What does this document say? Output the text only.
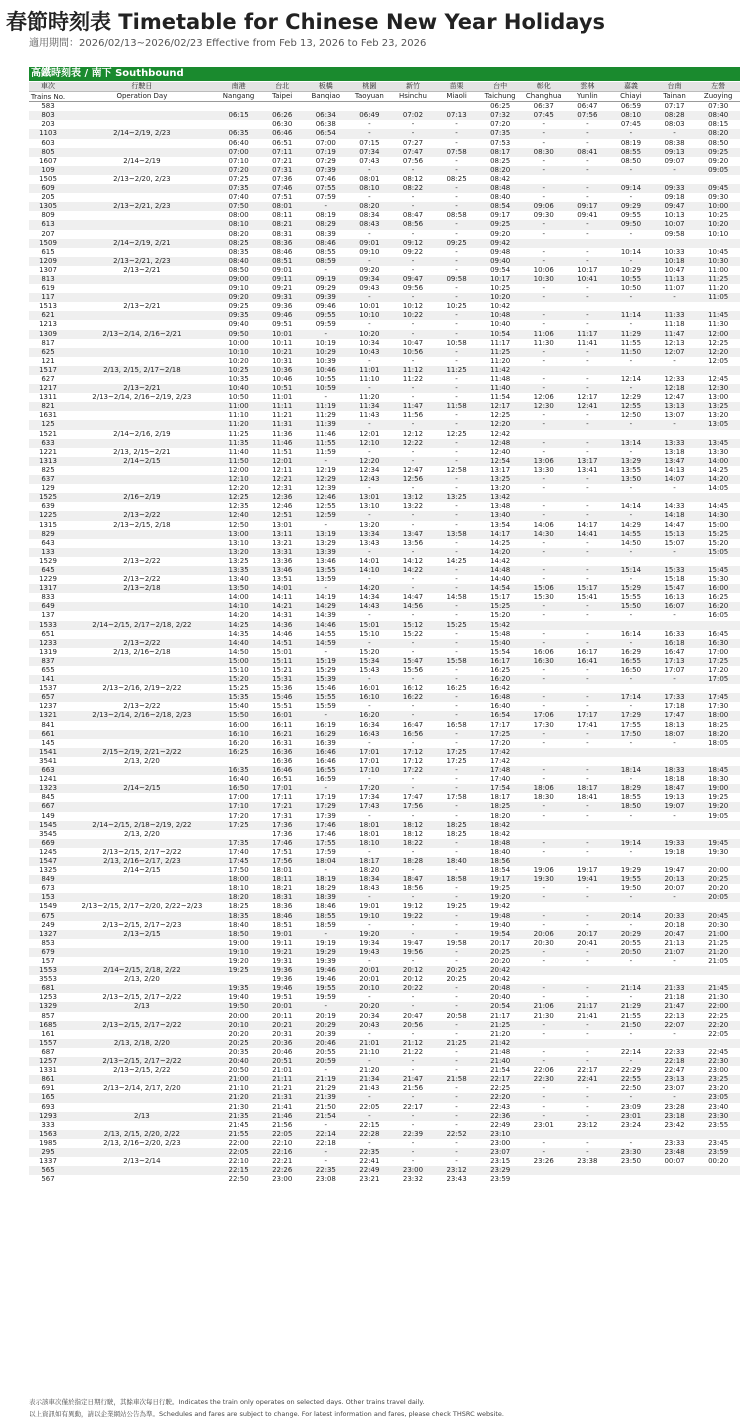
春節時刻表 Timetable for Chinese New Year Holidays
適用期間：2026/02/13~2026/02/23 Effective from Feb 13, 2026 to Feb 23, 2026
高鐵時刻表 / 南下 Southbound
車次	行駛日	南港	台北	板橋	桃園	新竹	苗栗	台中	彰化	雲林	嘉義	台南	左營
Trains No.	Operation Day	Nangang	Taipei	Banqiao	Taoyuan	Hsinchu	Miaoli	Taichung	Changhua	Yunlin	Chiayi	Tainan	Zuoying
583								06:25	06:37	06:47	06:59	07:17	07:30
803		06:15	06:26	06:34	06:49	07:02	07:13	07:32	07:45	07:56	08:10	08:28	08:40
203			06:30	06:38	-	-	-	07:20	-	-	07:45	08:03	08:15
1103	2/14~2/19, 2/23	06:35	06:46	06:54	-	-	-	07:35	-	-	-	-	08:20
603		06:40	06:51	07:00	07:15	07:27	-	07:53	-	-	08:19	08:38	08:50
805		07:00	07:11	07:19	07:34	07:47	07:58	08:17	08:30	08:41	08:55	09:13	09:25
1607	2/14~2/19	07:10	07:21	07:29	07:43	07:56	-	08:25	-	-	08:50	09:07	09:20
109		07:20	07:31	07:39	-	-	-	08:20	-	-	-	-	09:05
1505	2/13~2/20, 2/23	07:25	07:36	07:46	08:01	08:12	08:25	08:42					
609		07:35	07:46	07:55	08:10	08:22	-	08:48	-	-	09:14	09:33	09:45
205		07:40	07:51	07:59	-	-	-	08:40	-	-	-	09:18	09:30
1305	2/13~2/21, 2/23	07:50	08:01	-	08:20	-	-	08:54	09:06	09:17	09:29	09:47	10:00
809		08:00	08:11	08:19	08:34	08:47	08:58	09:17	09:30	09:41	09:55	10:13	10:25
613		08:10	08:21	08:29	08:43	08:56	-	09:25	-	-	09:50	10:07	10:20
207		08:20	08:31	08:39	-	-	-	09:20	-	-	-	09:58	10:10
1509	2/14~2/19, 2/21	08:25	08:36	08:46	09:01	09:12	09:25	09:42					
615		08:35	08:46	08:55	09:10	09:22	-	09:48	-	-	10:14	10:33	10:45
1209	2/13~2/21, 2/23	08:40	08:51	08:59	-	-	-	09:40	-	-	-	10:18	10:30
1307	2/13~2/21	08:50	09:01	-	09:20	-	-	09:54	10:06	10:17	10:29	10:47	11:00
813		09:00	09:11	09:19	09:34	09:47	09:58	10:17	10:30	10:41	10:55	11:13	11:25
619		09:10	09:21	09:29	09:43	09:56	-	10:25	-	-	10:50	11:07	11:20
117		09:20	09:31	09:39	-	-	-	10:20	-	-	-	-	11:05
1513	2/13~2/21	09:25	09:36	09:46	10:01	10:12	10:25	10:42					
621		09:35	09:46	09:55	10:10	10:22	-	10:48	-	-	11:14	11:33	11:45
1213		09:40	09:51	09:59	-	-	-	10:40	-	-	-	11:18	11:30
1309	2/13~2/14, 2/16~2/21	09:50	10:01	-	10:20	-	-	10:54	11:06	11:17	11:29	11:47	12:00
817		10:00	10:11	10:19	10:34	10:47	10:58	11:17	11:30	11:41	11:55	12:13	12:25
625		10:10	10:21	10:29	10:43	10:56	-	11:25	-	-	11:50	12:07	12:20
121		10:20	10:31	10:39	-	-	-	11:20	-	-	-	-	12:05
1517	2/13, 2/15, 2/17~2/18	10:25	10:36	10:46	11:01	11:12	11:25	11:42					
627		10:35	10:46	10:55	11:10	11:22	-	11:48	-	-	12:14	12:33	12:45
1217	2/13~2/21	10:40	10:51	10:59	-	-	-	11:40	-	-	-	12:18	12:30
1311	2/13~2/14, 2/16~2/19, 2/23	10:50	11:01	-	11:20	-	-	11:54	12:06	12:17	12:29	12:47	13:00
821		11:00	11:11	11:19	11:34	11:47	11:58	12:17	12:30	12:41	12:55	13:13	13:25
1631		11:10	11:21	11:29	11:43	11:56	-	12:25	-	-	12:50	13:07	13:20
125		11:20	11:31	11:39	-	-	-	12:20	-	-	-	-	13:05
1521	2/14~2/16, 2/19	11:25	11:36	11:46	12:01	12:12	12:25	12:42					
633		11:35	11:46	11:55	12:10	12:22	-	12:48	-	-	13:14	13:33	13:45
1221	2/13, 2/15~2/21	11:40	11:51	11:59	-	-	-	12:40	-	-	-	13:18	13:30
1313	2/14~2/15	11:50	12:01	-	12:20	-	-	12:54	13:06	13:17	13:29	13:47	14:00
825		12:00	12:11	12:19	12:34	12:47	12:58	13:17	13:30	13:41	13:55	14:13	14:25
637		12:10	12:21	12:29	12:43	12:56	-	13:25	-	-	13:50	14:07	14:20
129		12:20	12:31	12:39	-	-	-	13:20	-	-	-	-	14:05
1525	2/16~2/19	12:25	12:36	12:46	13:01	13:12	13:25	13:42					
639		12:35	12:46	12:55	13:10	13:22	-	13:48	-	-	14:14	14:33	14:45
1225	2/13~2/22	12:40	12:51	12:59	-	-	-	13:40	-	-	-	14:18	14:30
1315	2/13~2/15, 2/18	12:50	13:01	-	13:20	-	-	13:54	14:06	14:17	14:29	14:47	15:00
829		13:00	13:11	13:19	13:34	13:47	13:58	14:17	14:30	14:41	14:55	15:13	15:25
643		13:10	13:21	13:29	13:43	13:56	-	14:25	-	-	14:50	15:07	15:20
133		13:20	13:31	13:39	-	-	-	14:20	-	-	-	-	15:05
1529	2/13~2/22	13:25	13:36	13:46	14:01	14:12	14:25	14:42					
645		13:35	13:46	13:55	14:10	14:22	-	14:48	-	-	15:14	15:33	15:45
1229	2/13~2/22	13:40	13:51	13:59	-	-	-	14:40	-	-	-	15:18	15:30
1317	2/13~2/18	13:50	14:01	-	14:20	-	-	14:54	15:06	15:17	15:29	15:47	16:00
833		14:00	14:11	14:19	14:34	14:47	14:58	15:17	15:30	15:41	15:55	16:13	16:25
649		14:10	14:21	14:29	14:43	14:56	-	15:25	-	-	15:50	16:07	16:20
137		14:20	14:31	14:39	-	-	-	15:20	-	-	-	-	16:05
1533	2/14~2/15, 2/17~2/18, 2/22	14:25	14:36	14:46	15:01	15:12	15:25	15:42					
651		14:35	14:46	14:55	15:10	15:22	-	15:48	-	-	16:14	16:33	16:45
1233	2/13~2/22	14:40	14:51	14:59	-	-	-	15:40	-	-	-	16:18	16:30
1319	2/13, 2/16~2/18	14:50	15:01	-	15:20	-	-	15:54	16:06	16:17	16:29	16:47	17:00
837		15:00	15:11	15:19	15:34	15:47	15:58	16:17	16:30	16:41	16:55	17:13	17:25
655		15:10	15:21	15:29	15:43	15:56	-	16:25	-	-	16:50	17:07	17:20
141		15:20	15:31	15:39	-	-	-	16:20	-	-	-	-	17:05
1537	2/13~2/16, 2/19~2/22	15:25	15:36	15:46	16:01	16:12	16:25	16:42					
657		15:35	15:46	15:55	16:10	16:22	-	16:48	-	-	17:14	17:33	17:45
1237	2/13~2/22	15:40	15:51	15:59	-	-	-	16:40	-	-	-	17:18	17:30
1321	2/13~2/14, 2/16~2/18, 2/23	15:50	16:01	-	16:20	-	-	16:54	17:06	17:17	17:29	17:47	18:00
841		16:00	16:11	16:19	16:34	16:47	16:58	17:17	17:30	17:41	17:55	18:13	18:25
661		16:10	16:21	16:29	16:43	16:56	-	17:25	-	-	17:50	18:07	18:20
145		16:20	16:31	16:39	-	-	-	17:20	-	-	-	-	18:05
1541	2/15~2/19, 2/21~2/22	16:25	16:36	16:46	17:01	17:12	17:25	17:42					
3541	2/13, 2/20		16:36	16:46	17:01	17:12	17:25	17:42					
663		16:35	16:46	16:55	17:10	17:22	-	17:48	-	-	18:14	18:33	18:45
1241		16:40	16:51	16:59	-	-	-	17:40	-	-	-	18:18	18:30
1323	2/14~2/15	16:50	17:01	-	17:20	-	-	17:54	18:06	18:17	18:29	18:47	19:00
845		17:00	17:11	17:19	17:34	17:47	17:58	18:17	18:30	18:41	18:55	19:13	19:25
667		17:10	17:21	17:29	17:43	17:56	-	18:25	-	-	18:50	19:07	19:20
149		17:20	17:31	17:39	-	-	-	18:20	-	-	-	-	19:05
1545	2/14~2/15, 2/18~2/19, 2/22	17:25	17:36	17:46	18:01	18:12	18:25	18:42					
3545	2/13, 2/20		17:36	17:46	18:01	18:12	18:25	18:42					
669		17:35	17:46	17:55	18:10	18:22	-	18:48	-	-	19:14	19:33	19:45
1245	2/13~2/15, 2/17~2/22	17:40	17:51	17:59	-	-	-	18:40	-	-	-	19:18	19:30
1547	2/13, 2/16~2/17, 2/23	17:45	17:56	18:04	18:17	18:28	18:40	18:56					
1325	2/14~2/15	17:50	18:01	-	18:20	-	-	18:54	19:06	19:17	19:29	19:47	20:00
849		18:00	18:11	18:19	18:34	18:47	18:58	19:17	19:30	19:41	19:55	20:13	20:25
673		18:10	18:21	18:29	18:43	18:56	-	19:25	-	-	19:50	20:07	20:20
153		18:20	18:31	18:39	-	-	-	19:20	-	-	-	-	20:05
1549	2/13~2/15, 2/17~2/20, 2/22~2/23	18:25	18:36	18:46	19:01	19:12	19:25	19:42					
675		18:35	18:46	18:55	19:10	19:22	-	19:48	-	-	20:14	20:33	20:45
249	2/13~2/15, 2/17~2/23	18:40	18:51	18:59	-	-	-	19:40	-	-	-	20:18	20:30
1327	2/13~2/15	18:50	19:01	-	19:20	-	-	19:54	20:06	20:17	20:29	20:47	21:00
853		19:00	19:11	19:19	19:34	19:47	19:58	20:17	20:30	20:41	20:55	21:13	21:25
679		19:10	19:21	19:29	19:43	19:56	-	20:25	-	-	20:50	21:07	21:20
157		19:20	19:31	19:39	-	-	-	20:20	-	-	-	-	21:05
1553	2/14~2/15, 2/18, 2/22	19:25	19:36	19:46	20:01	20:12	20:25	20:42					
3553	2/13, 2/20		19:36	19:46	20:01	20:12	20:25	20:42					
681		19:35	19:46	19:55	20:10	20:22	-	20:48	-	-	21:14	21:33	21:45
1253	2/13~2/15, 2/17~2/22	19:40	19:51	19:59	-	-	-	20:40	-	-	-	21:18	21:30
1329	2/13	19:50	20:01	-	20:20	-	-	20:54	21:06	21:17	21:29	21:47	22:00
857		20:00	20:11	20:19	20:34	20:47	20:58	21:17	21:30	21:41	21:55	22:13	22:25
1685	2/13~2/15, 2/17~2/22	20:10	20:21	20:29	20:43	20:56	-	21:25	-	-	21:50	22:07	22:20
161		20:20	20:31	20:39	-	-	-	21:20	-	-	-	-	22:05
1557	2/13, 2/18, 2/20	20:25	20:36	20:46	21:01	21:12	21:25	21:42					
687		20:35	20:46	20:55	21:10	21:22	-	21:48	-	-	22:14	22:33	22:45
1257	2/13~2/15, 2/17~2/22	20:40	20:51	20:59	-	-	-	21:40	-	-	-	22:18	22:30
1331	2/13~2/15, 2/22	20:50	21:01	-	21:20	-	-	21:54	22:06	22:17	22:29	22:47	23:00
861		21:00	21:11	21:19	21:34	21:47	21:58	22:17	22:30	22:41	22:55	23:13	23:25
691	2/13~2/14, 2/17, 2/20	21:10	21:21	21:29	21:43	21:56	-	22:25	-	-	22:50	23:07	23:20
165		21:20	21:31	21:39	-	-	-	22:20	-	-	-	-	23:05
693		21:30	21:41	21:50	22:05	22:17	-	22:43	-	-	23:09	23:28	23:40
1293	2/13	21:35	21:46	21:54	-	-	-	22:36	-	-	23:01	23:18	23:30
333		21:45	21:56	-	22:15	-	-	22:49	23:01	23:12	23:24	23:42	23:55
1563	2/13, 2/15, 2/20, 2/22	21:55	22:05	22:14	22:28	22:39	22:52	23:10					
1985	2/13, 2/16~2/20, 2/23	22:00	22:10	22:18	-	-	-	23:00	-	-	-	23:33	23:45
295		22:05	22:16	-	22:35	-	-	23:07	-	-	23:30	23:48	23:59
1337	2/13~2/14	22:10	22:21	-	22:41	-	-	23:15	23:26	23:38	23:50	00:07	00:20
565		22:15	22:26	22:35	22:49	23:00	23:12	23:29					
567		22:50	23:00	23:08	23:21	23:32	23:43	23:59					
表示該車次僅於指定日期行駛，其餘車次每日行駛。Indicates the train only operates on selected days. Other trains travel daily.
以上資訊如有異動，請以企業網站公告為準。Schedules and fares are subject to change. For latest information and fares, please check THSRC website.
